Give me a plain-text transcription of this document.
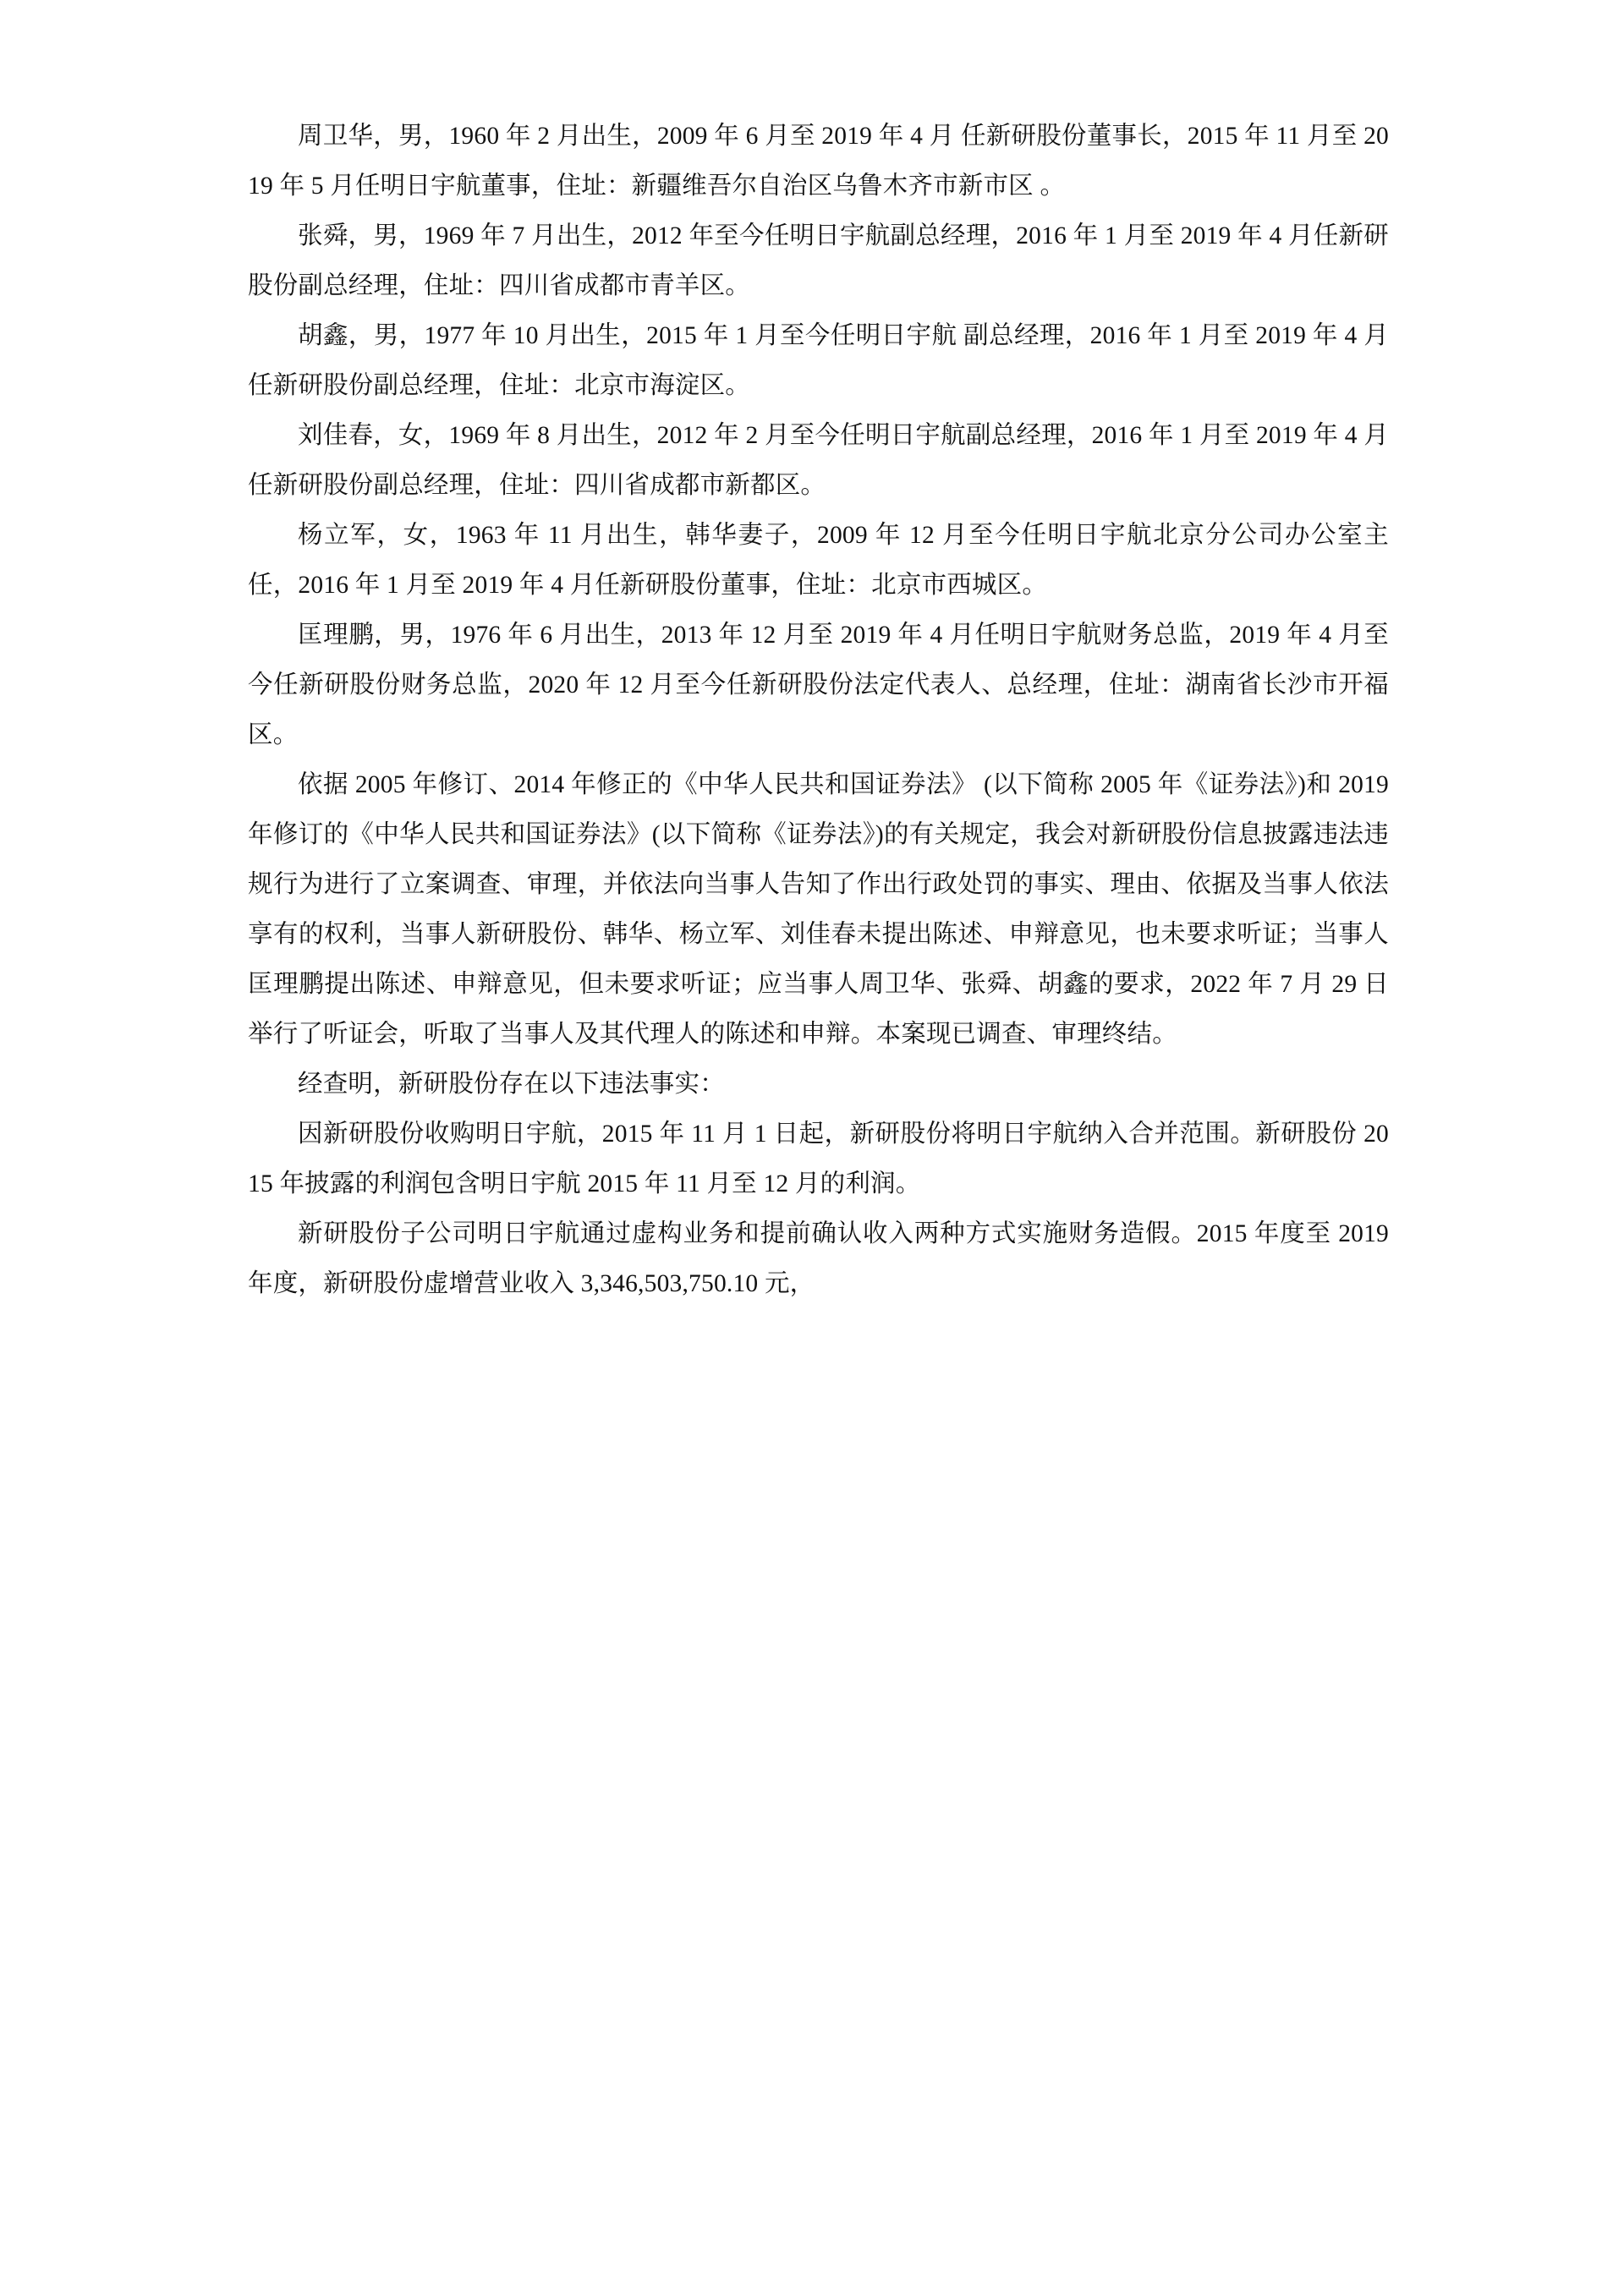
周卫华，男，1960 年 2 月出生，2009 年 6 月至 2019 年 4 月 任新研股份董事长，2015 年 11 月至 2019 年 5 月任明日宇航董事，住址：新疆维吾尔自治区乌鲁木齐市新市区 。

张舜，男，1969 年 7 月出生，2012 年至今任明日宇航副总经理，2016 年 1 月至 2019 年 4 月任新研股份副总经理，住址：四川省成都市青羊区。

胡鑫，男，1977 年 10 月出生，2015 年 1 月至今任明日宇航 副总经理，2016 年 1 月至 2019 年 4 月任新研股份副总经理，住址：北京市海淀区。

刘佳春，女，1969 年 8 月出生，2012 年 2 月至今任明日宇航副总经理，2016 年 1 月至 2019 年 4 月任新研股份副总经理，住址：四川省成都市新都区。

杨立军，女，1963 年 11 月出生，韩华妻子，2009 年 12 月至今任明日宇航北京分公司办公室主任，2016 年 1 月至 2019 年 4 月任新研股份董事，住址：北京市西城区。

匡理鹏，男，1976 年 6 月出生，2013 年 12 月至 2019 年 4 月任明日宇航财务总监，2019 年 4 月至今任新研股份财务总监，2020 年 12 月至今任新研股份法定代表人、总经理，住址：湖南省长沙市开福区。

依据 2005 年修订、2014 年修正的《中华人民共和国证券法》 (以下简称 2005 年《证券法》)和 2019 年修订的《中华人民共和国证券法》(以下简称《证券法》)的有关规定，我会对新研股份信息披露违法违规行为进行了立案调查、审理，并依法向当事人告知了作出行政处罚的事实、理由、依据及当事人依法享有的权利，当事人新研股份、韩华、杨立军、刘佳春未提出陈述、申辩意见，也未要求听证；当事人匡理鹏提出陈述、申辩意见，但未要求听证；应当事人周卫华、张舜、胡鑫的要求，2022 年 7 月 29 日举行了听证会，听取了当事人及其代理人的陈述和申辩。本案现已调查、审理终结。

经查明，新研股份存在以下违法事实：

因新研股份收购明日宇航，2015 年 11 月 1 日起，新研股份将明日宇航纳入合并范围。新研股份 2015 年披露的利润包含明日宇航 2015 年 11 月至 12 月的利润。

新研股份子公司明日宇航通过虚构业务和提前确认收入两种方式实施财务造假。2015 年度至 2019 年度，新研股份虚增营业收入 3,346,503,750.10 元，
